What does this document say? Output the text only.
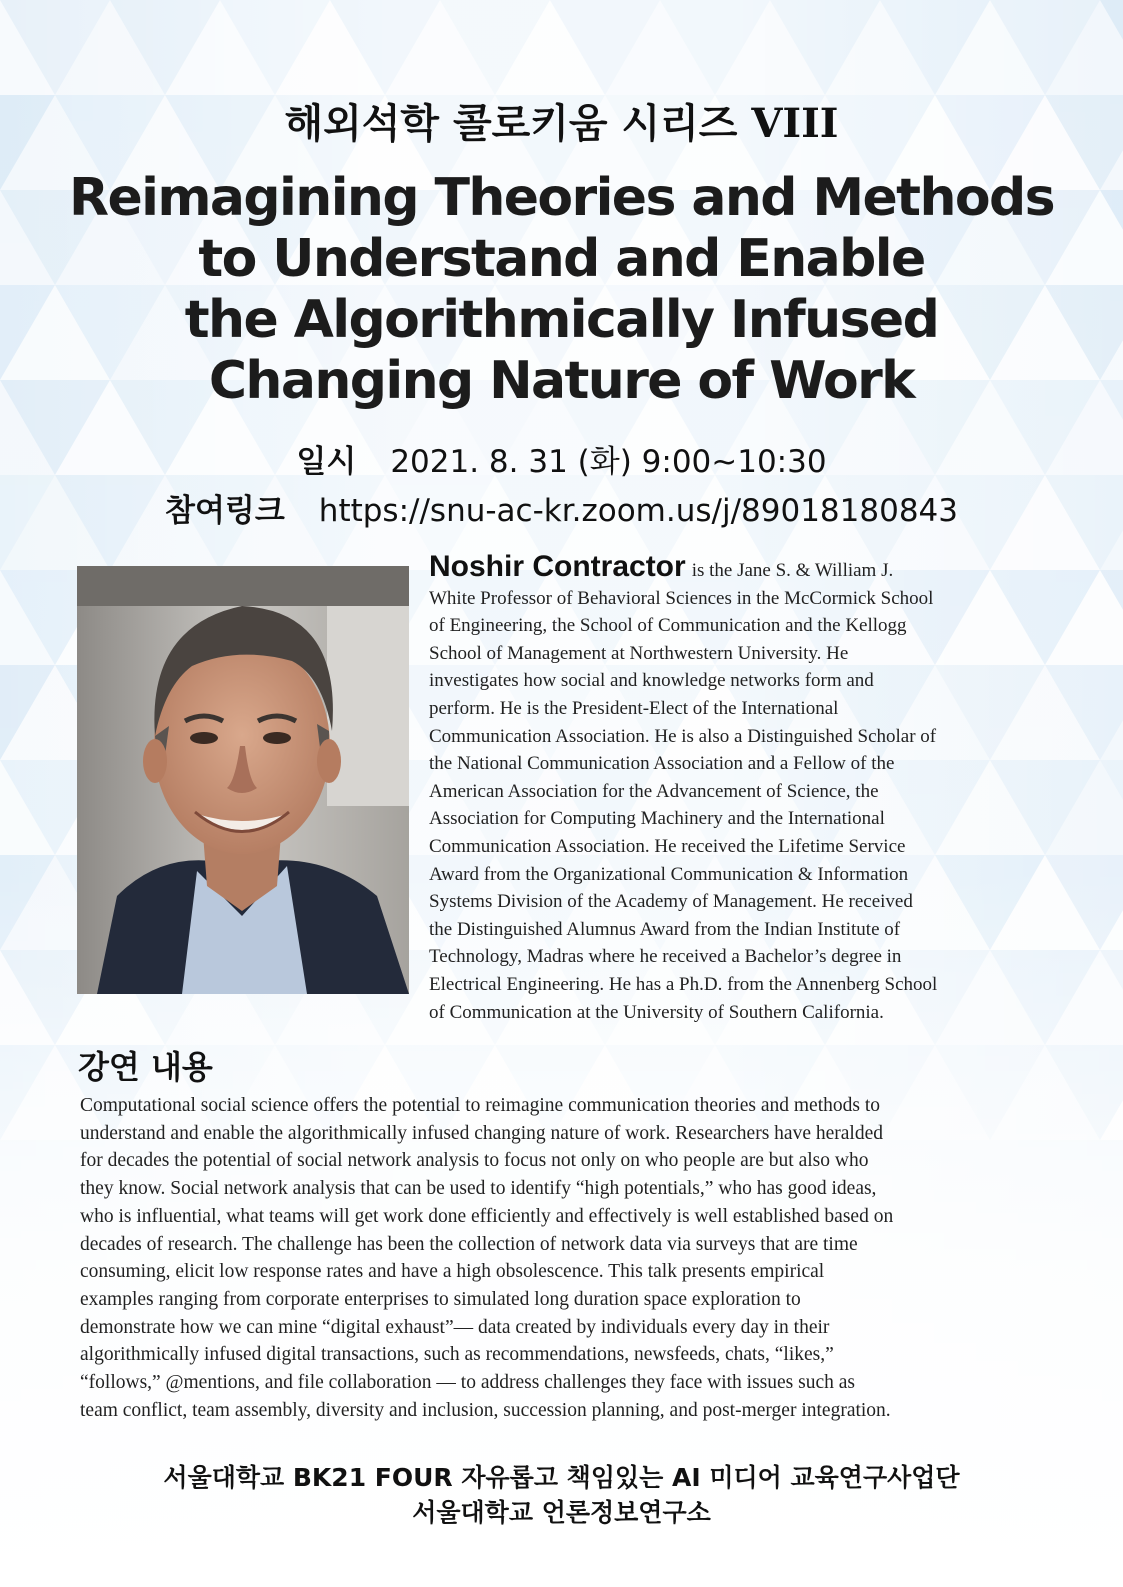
해외석학 콜로키움 시리즈 VIII
Reimagining Theories and Methods
to Understand and Enable
the Algorithmically Infused
Changing Nature of Work
일시 2021. 8. 31 (화) 9:00~10:30
참여링크 https://snu-ac-kr.zoom.us/j/89018180843
Noshir Contractor is the Jane S. & William J.
White Professor of Behavioral Sciences in the McCormick School
of Engineering, the School of Communication and the Kellogg
School of Management at Northwestern University. He
investigates how social and knowledge networks form and
perform. He is the President-Elect of the International
Communication Association. He is also a Distinguished Scholar of
the National Communication Association and a Fellow of the
American Association for the Advancement of Science, the
Association for Computing Machinery and the International
Communication Association. He received the Lifetime Service
Award from the Organizational Communication & Information
Systems Division of the Academy of Management. He received
the Distinguished Alumnus Award from the Indian Institute of
Technology, Madras where he received a Bachelor’s degree in
Electrical Engineering. He has a Ph.D. from the Annenberg School
of Communication at the University of Southern California.
강연 내용
Computational social science offers the potential to reimagine communication theories and methods to
understand and enable the algorithmically infused changing nature of work. Researchers have heralded
for decades the potential of social network analysis to focus not only on who people are but also who
they know. Social network analysis that can be used to identify “high potentials,” who has good ideas,
who is influential, what teams will get work done efficiently and effectively is well established based on
decades of research. The challenge has been the collection of network data via surveys that are time
consuming, elicit low response rates and have a high obsolescence. This talk presents empirical
examples ranging from corporate enterprises to simulated long duration space exploration to
demonstrate how we can mine “digital exhaust”— data created by individuals every day in their
algorithmically infused digital transactions, such as recommendations, newsfeeds, chats, “likes,”
“follows,” @mentions, and file collaboration — to address challenges they face with issues such as
team conflict, team assembly, diversity and inclusion, succession planning, and post-merger integration.
서울대학교 BK21 FOUR 자유롭고 책임있는 AI 미디어 교육연구사업단
서울대학교 언론정보연구소
